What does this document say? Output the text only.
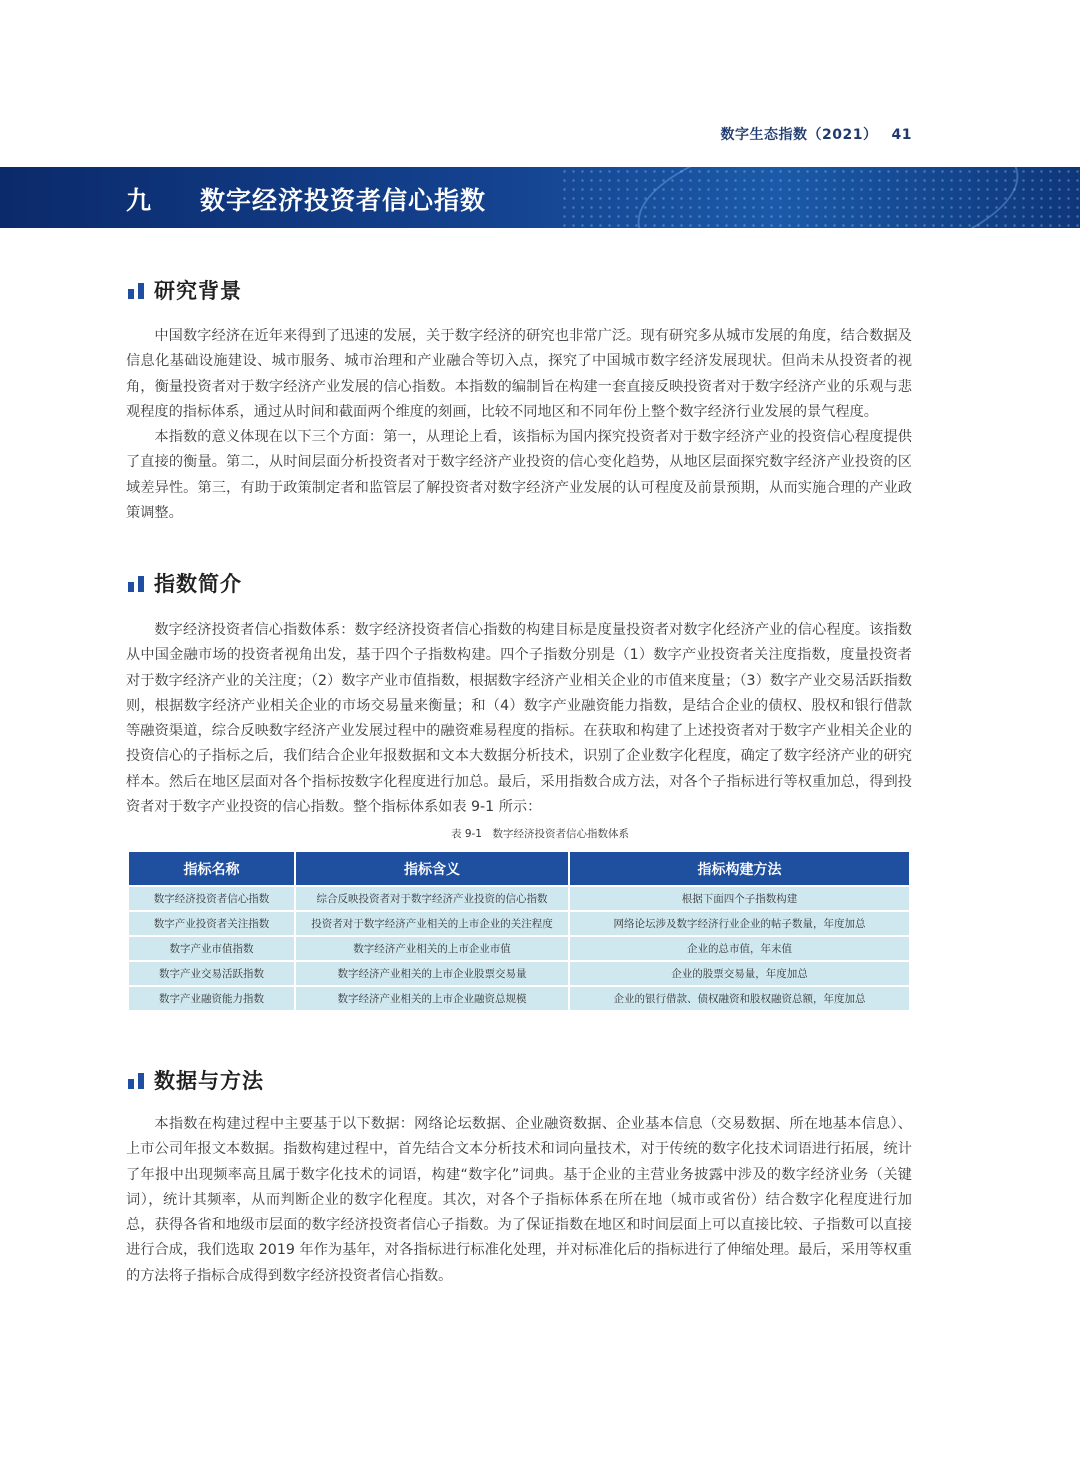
数字生态指数（2021） 41
九 数字经济投资者信心指数
研究背景

中国数字经济在近年来得到了迅速的发展，关于数字经济的研究也非常广泛。现有研究多从城市发展的角度，结合数据及信息化基础设施建设、城市服务、城市治理和产业融合等切入点，探究了中国城市数字经济发展现状。但尚未从投资者的视角，衡量投资者对于数字经济产业发展的信心指数。本指数的编制旨在构建一套直接反映投资者对于数字经济产业的乐观与悲观程度的指标体系，通过从时间和截面两个维度的刻画，比较不同地区和不同年份上整个数字经济行业发展的景气程度。

本指数的意义体现在以下三个方面：第一，从理论上看，该指标为国内探究投资者对于数字经济产业的投资信心程度提供了直接的衡量。第二，从时间层面分析投资者对于数字经济产业投资的信心变化趋势，从地区层面探究数字经济产业投资的区域差异性。第三，有助于政策制定者和监管层了解投资者对数字经济产业发展的认可程度及前景预期，从而实施合理的产业政策调整。

指数简介

数字经济投资者信心指数体系：数字经济投资者信心指数的构建目标是度量投资者对数字化经济产业的信心程度。该指数从中国金融市场的投资者视角出发，基于四个子指数构建。四个子指数分别是（1）数字产业投资者关注度指数，度量投资者对于数字经济产业的关注度；（2）数字产业市值指数，根据数字经济产业相关企业的市值来度量；（3）数字产业交易活跃指数则，根据数字经济产业相关企业的市场交易量来衡量；和（4）数字产业融资能力指数，是结合企业的债权、股权和银行借款等融资渠道，综合反映数字经济产业发展过程中的融资难易程度的指标。在获取和构建了上述投资者对于数字产业相关企业的投资信心的子指标之后，我们结合企业年报数据和文本大数据分析技术，识别了企业数字化程度，确定了数字经济产业的研究样本。然后在地区层面对各个指标按数字化程度进行加总。最后，采用指数合成方法，对各个子指标进行等权重加总，得到投资者对于数字产业投资的信心指数。整个指标体系如表 9-1 所示：

表 9-1　数字经济投资者信心指数体系
指标名称	指标含义	指标构建方法
数字经济投资者信心指数	综合反映投资者对于数字经济产业投资的信心指数	根据下面四个子指数构建
数字产业投资者关注指数	投资者对于数字经济产业相关的上市企业的关注程度	网络论坛涉及数字经济行业企业的帖子数量，年度加总
数字产业市值指数	数字经济产业相关的上市企业市值	企业的总市值，年末值
数字产业交易活跃指数	数字经济产业相关的上市企业股票交易量	企业的股票交易量，年度加总
数字产业融资能力指数	数字经济产业相关的上市企业融资总规模	企业的银行借款、债权融资和股权融资总额，年度加总
数据与方法

本指数在构建过程中主要基于以下数据：网络论坛数据、企业融资数据、企业基本信息（交易数据、所在地基本信息）、上市公司年报文本数据。指数构建过程中，首先结合文本分析技术和词向量技术，对于传统的数字化技术词语进行拓展，统计了年报中出现频率高且属于数字化技术的词语，构建“数字化”词典。基于企业的主营业务披露中涉及的数字经济业务（关键词），统计其频率，从而判断企业的数字化程度。其次，对各个子指标体系在所在地（城市或省份）结合数字化程度进行加总，获得各省和地级市层面的数字经济投资者信心子指数。为了保证指数在地区和时间层面上可以直接比较、子指数可以直接进行合成，我们选取 2019 年作为基年，对各指标进行标准化处理，并对标准化后的指标进行了伸缩处理。最后，采用等权重的方法将子指标合成得到数字经济投资者信心指数。
